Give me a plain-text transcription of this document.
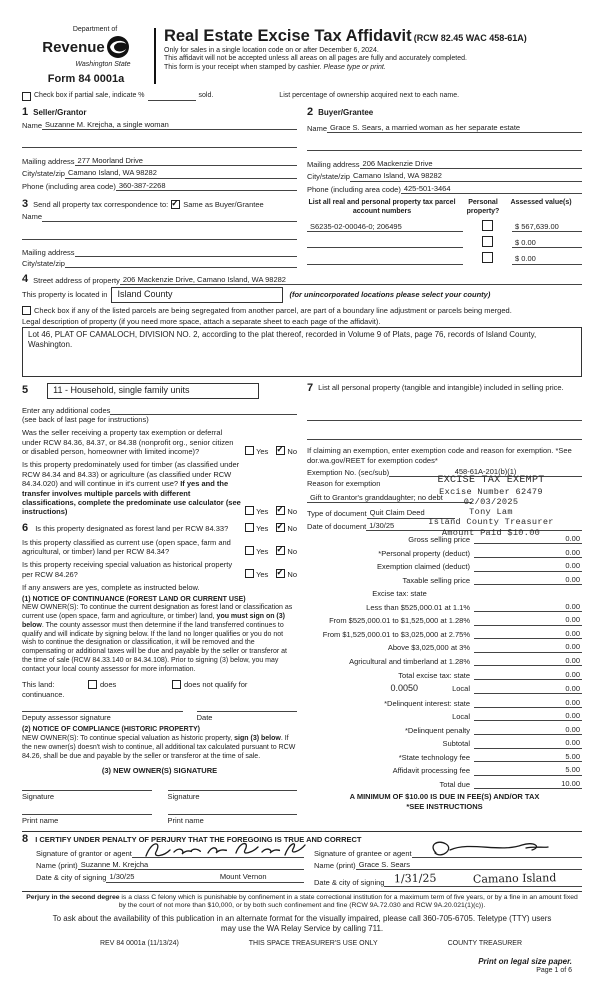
Department of
Revenue
Washington State
Form 84 0001a
Real Estate Excise Tax Affidavit (RCW 82.45 WAC 458-61A)
Only for sales in a single location code on or after December 6, 2024.
This affidavit will not be accepted unless all areas on all pages are fully and accurately completed.
This form is your receipt when stamped by cashier. Please type or print.
Check box if partial sale, indicate %	sold.	List percentage of ownership acquired next to each name.
1 Seller/Grantor
Name Suzanne M. Krejcha, a single woman
Mailing address 277 Moorland Drive
City/state/zip Camano Island, WA 98282
Phone (including area code) 360-387-2268
2 Buyer/Grantee
Name Grace S. Sears, a married woman as her separate estate
Mailing address 206 Mackenzie Drive
City/state/zip Camano Island, WA 98282
Phone (including area code) 425-501-3464
3 Send all property tax correspondence to: ✓ Same as Buyer/Grantee
Name
Mailing address
City/state/zip
List all real and personal property tax parcel account numbers
Personal property?
Assessed value(s)
S6235-02-00046-0; 206495	$ 567,639.00
$ 0.00
$ 0.00
4 Street address of property 206 Mackenzie Drive, Camano Island, WA 98282
This property is located in	Island County	(for unincorporated locations please select your county)
Check box if any of the listed parcels are being segregated from another parcel, are part of a boundary line adjustment or parcels being merged.
Legal description of property (if you need more space, attach a separate sheet to each page of the affidavit).
Lot 46, PLAT OF CAMALOCH, DIVISION NO. 2, according to the plat thereof, recorded in Volume 9 of Plats, page 76, records of Island County, Washington.
5	11 - Household, single family units
Enter any additional codes
(see back of last page for instructions)
Was the seller receiving a property tax exemption or deferral under RCW 84.36, 84.37, or 84.38 (nonprofit org., senior citizen or disabled person, homeowner with limited income)?	Yes ✓	No
Is this property predominately used for timber (as classified under RCW 84.34 and 84.33) or agriculture (as classified under RCW 84.34.020) and will continue in it's current use? If yes and the transfer involves multiple parcels with different classifications, complete the predominate use calculator (see instructions)	Yes ✓	No
6 Is this property designated as forest land per RCW 84.33?	Yes ✓	No
Is this property classified as current use (open space, farm and agricultural, or timber) land per RCW 84.34?	Yes ✓	No
Is this property receiving special valuation as historical property per RCW 84.26?	Yes ✓	No
If any answers are yes, complete as instructed below.
(1) NOTICE OF CONTINUANCE (FOREST LAND OR CURRENT USE)
NEW OWNER(S): To continue the current designation as forest land or classification as current use (open space, farm and agriculture, or timber) land, you must sign on (3) below. The county assessor must then determine if the land transferred continues to qualify and will indicate by signing below. If the land no longer qualifies or you do not wish to continue the designation or classification, it will be removed and the compensating or additional taxes will be due and payable by the seller or transferor at the time of sale (RCW 84.33.140 or 84.34.108). Prior to signing (3) below, you may contact your local county assessor for more information.
This land:	does	does not qualify for
continuance.
Deputy assessor signature	Date
(2) NOTICE OF COMPLIANCE (HISTORIC PROPERTY)
NEW OWNER(S): To continue special valuation as historic property, sign (3) below. If the new owner(s) doesn't wish to continue, all additional tax calculated pursuant to RCW 84.26, shall be due and payable by the seller or transferor at the time of sale.
(3) NEW OWNER(S) SIGNATURE
Signature	Signature
Print name	Print name
EXCISE TAX EXEMPT
Excise Number 62479
02/03/2025
Tony Lam
Island County Treasurer
Amount Paid $10.00
7 List all personal property (tangible and intangible) included in selling price.
If claiming an exemption, enter exemption code and reason for exemption. *See dor.wa.gov/REET for exemption codes*
Exemption No. (sec/sub)	458-61A-201(b)(1)
Reason for exemption
Gift to Grantor's granddaughter; no debt
Type of document Quit Claim Deed
Date of document 1/30/25
Gross selling price	0.00
*Personal property (deduct)	0.00
Exemption claimed (deduct)	0.00
Taxable selling price	0.00
Excise tax: state
Less than $525,000.01 at 1.1%	0.00
From $525,000.01 to $1,525,000 at 1.28%	0.00
From $1,525,000.01 to $3,025,000 at 2.75%	0.00
Above $3,025,000 at 3%	0.00
Agricultural and timberland at 1.28%	0.00
Total excise tax: state	0.00
0.0050	Local	0.00
*Delinquent interest: state	0.00
Local	0.00
*Delinquent penalty	0.00
Subtotal	0.00
*State technology fee	5.00
Affidavit processing fee	5.00
Total due	10.00
A MINIMUM OF $10.00 IS DUE IN FEE(S) AND/OR TAX
*SEE INSTRUCTIONS
8 I CERTIFY UNDER PENALTY OF PERJURY THAT THE FOREGOING IS TRUE AND CORRECT
Signature of grantor or agent
Name (print) Suzanne M. Krejcha
Date & city of signing 1/30/25	Mount Vernon
Signature of grantee or agent
Name (print) Grace S. Sears
Date & city of signing 1/31/25	Camano Island
Perjury in the second degree is a class C felony which is punishable by confinement in a state correctional institution for a maximum term of five years, or by a fine in an amount fixed by the court of not more than $10,000, or by both such confinement and fine (RCW 9A.72.030 and RCW 9A.20.021(1)(c)).
To ask about the availability of this publication in an alternate format for the visually impaired, please call 360-705-6705. Teletype (TTY) users may use the WA Relay Service by calling 711.
REV 84 0001a (11/13/24)	THIS SPACE TREASURER'S USE ONLY	COUNTY TREASURER
Print on legal size paper.
Page 1 of 6
